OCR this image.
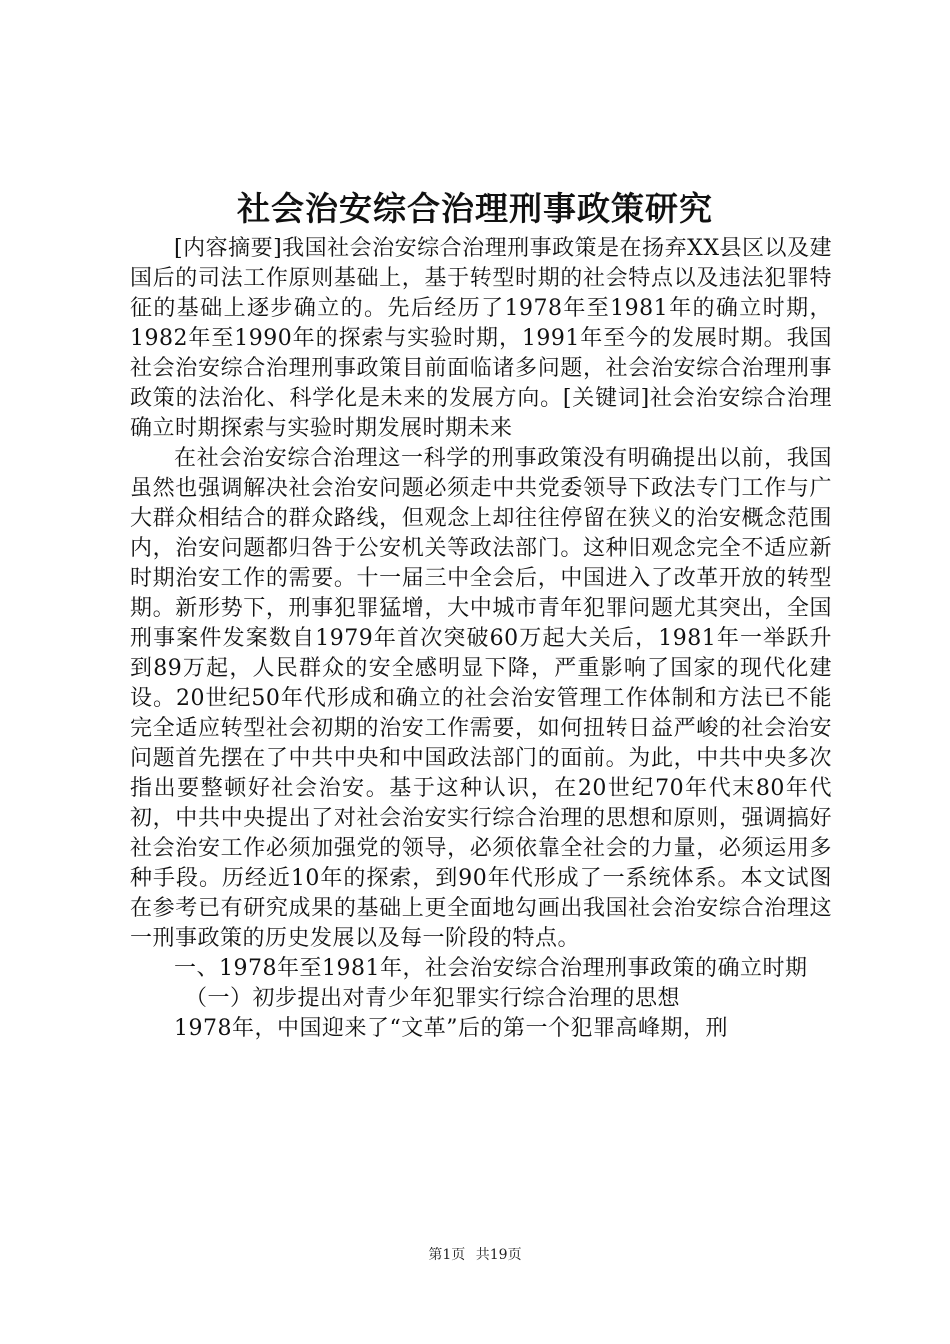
社会治安综合治理刑事政策研究

[内容摘要]我国社会治安综合治理刑事政策是在扬弃XX县区以及建国后的司法工作原则基础上，基于转型时期的社会特点以及违法犯罪特征的基础上逐步确立的。先后经历了1978年至1981年的确立时期，1982年至1990年的探索与实验时期，1991年至今的发展时期。我国社会治安综合治理刑事政策目前面临诸多问题，社会治安综合治理刑事政策的法治化、科学化是未来的发展方向。[关键词]社会治安综合治理确立时期探索与实验时期发展时期未来

在社会治安综合治理这一科学的刑事政策没有明确提出以前，我国虽然也强调解决社会治安问题必须走中共党委领导下政法专门工作与广大群众相结合的群众路线，但观念上却往往停留在狭义的治安概念范围内，治安问题都归咎于公安机关等政法部门。这种旧观念完全不适应新时期治安工作的需要。十一届三中全会后，中国进入了改革开放的转型期。新形势下，刑事犯罪猛增，大中城市青年犯罪问题尤其突出，全国刑事案件发案数自1979年首次突破60万起大关后，1981年一举跃升到89万起，人民群众的安全感明显下降，严重影响了国家的现代化建设。20世纪50年代形成和确立的社会治安管理工作体制和方法已不能完全适应转型社会初期的治安工作需要，如何扭转日益严峻的社会治安问题首先摆在了中共中央和中国政法部门的面前。为此，中共中央多次指出要整顿好社会治安。基于这种认识，在20世纪70年代末80年代初，中共中央提出了对社会治安实行综合治理的思想和原则，强调搞好社会治安工作必须加强党的领导，必须依靠全社会的力量，必须运用多种手段。历经近10年的探索，到90年代形成了一系统体系。本文试图在参考已有研究成果的基础上更全面地勾画出我国社会治安综合治理这一刑事政策的历史发展以及每一阶段的特点。

一、1978年至1981年，社会治安综合治理刑事政策的确立时期

（一）初步提出对青少年犯罪实行综合治理的思想

1978年，中国迎来了“文革”后的第一个犯罪高峰期，刑

第1页 共19页
